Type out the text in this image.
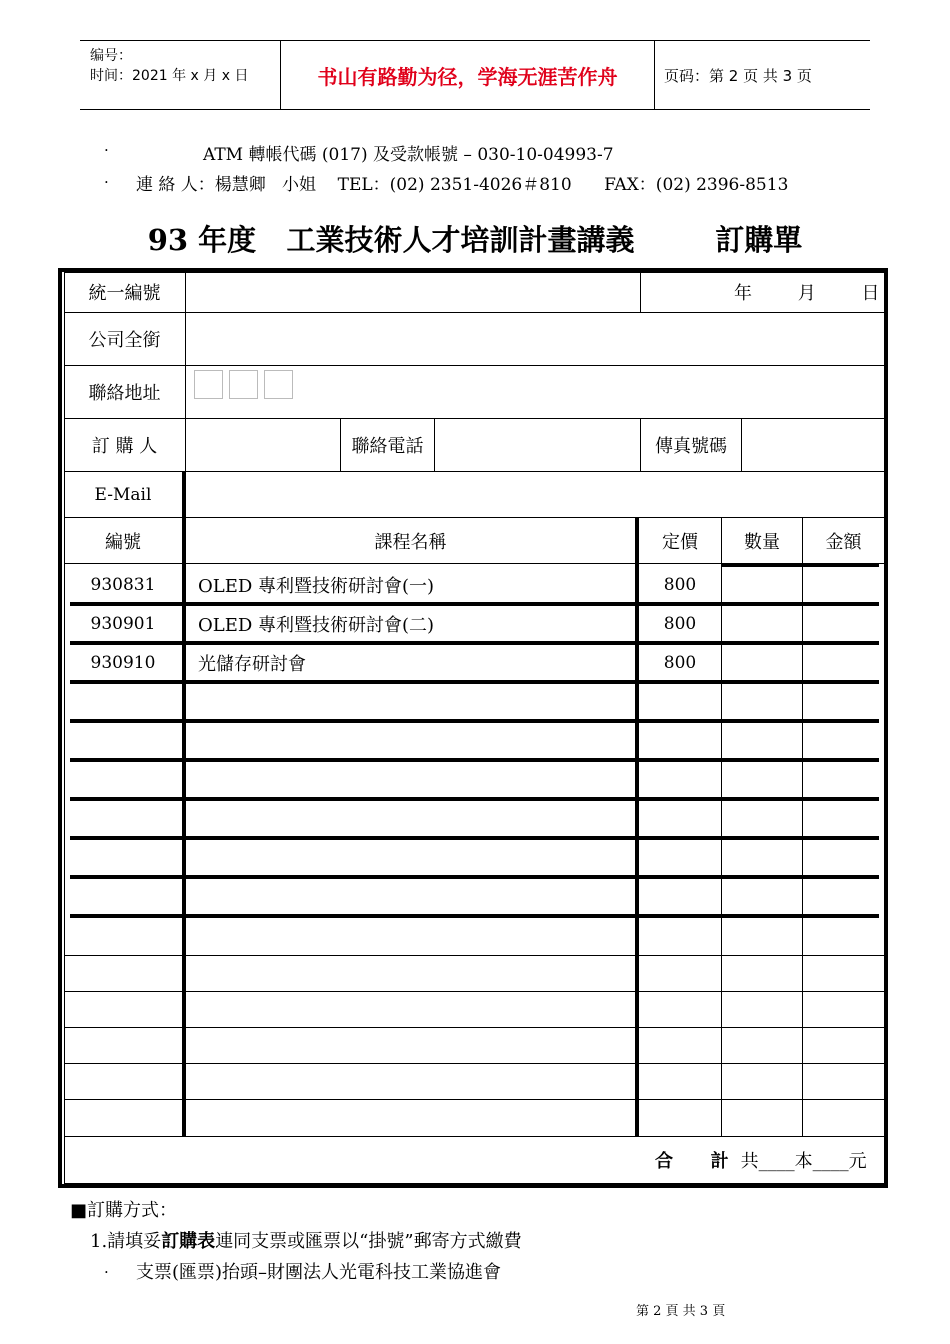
编号：
时间：2021 年 x 月 x 日	书山有路勤为径，学海无涯苦作舟	页码：第 2 页 共 3 页
·	ATM 轉帳代碼 (017) 及受款帳號 – 030-10-04993-7
· 連 絡 人：楊慧卿   小姐    TEL：(02) 2351-4026＃810      FAX：(02) 2396-8513
93 年度   工業技術人才培訓計畫講義        訂購單
統一編號	年        月        日
公司全銜
聯絡地址
訂 購 人	聯絡電話	傳真號碼
E-Mail
編號	課程名稱	定價	數量	金額
930831	OLED 專利暨技術研討會(一)	800
930901	OLED 專利暨技術研討會(二)	800
930910	光儲存研討會	800
合      計 共____本____元
■訂購方式：
1.請填妥訂購表連同支票或匯票以“掛號”郵寄方式繳費
· 支票(匯票)抬頭–財團法人光電科技工業協進會
第 2 頁 共 3 頁
